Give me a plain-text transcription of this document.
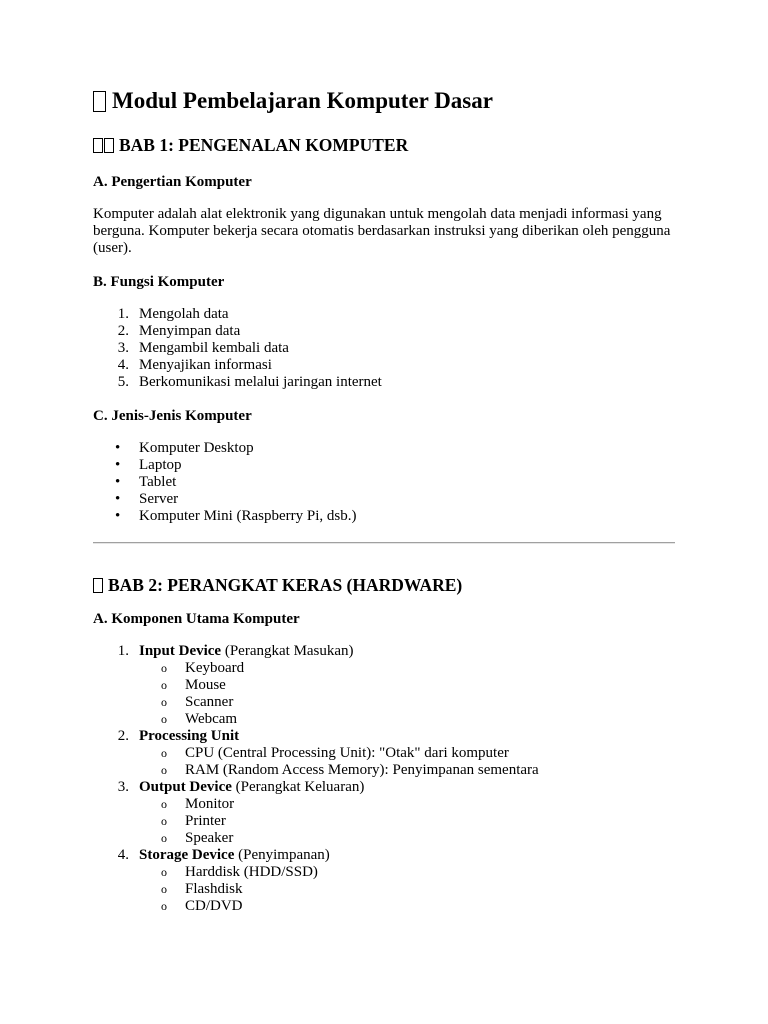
Modul Pembelajaran Komputer Dasar
BAB 1: PENGENALAN KOMPUTER
A. Pengertian Komputer

Komputer adalah alat elektronik yang digunakan untuk mengolah data menjadi informasi yang berguna. Komputer bekerja secara otomatis berdasarkan instruksi yang diberikan oleh pengguna (user).

B. Fungsi Komputer
1. Mengolah data
2. Menyimpan data
3. Mengambil kembali data
4. Menyajikan informasi
5. Berkomunikasi melalui jaringan internet
C. Jenis-Jenis Komputer
• Komputer Desktop
• Laptop
• Tablet
• Server
• Komputer Mini (Raspberry Pi, dsb.)
BAB 2: PERANGKAT KERAS (HARDWARE)
A. Komponen Utama Komputer
1. Input Device (Perangkat Masukan)
o Keyboard
o Mouse
o Scanner
o Webcam
2. Processing Unit
o CPU (Central Processing Unit): "Otak" dari komputer
o RAM (Random Access Memory): Penyimpanan sementara
3. Output Device (Perangkat Keluaran)
o Monitor
o Printer
o Speaker
4. Storage Device (Penyimpanan)
o Harddisk (HDD/SSD)
o Flashdisk
o CD/DVD
